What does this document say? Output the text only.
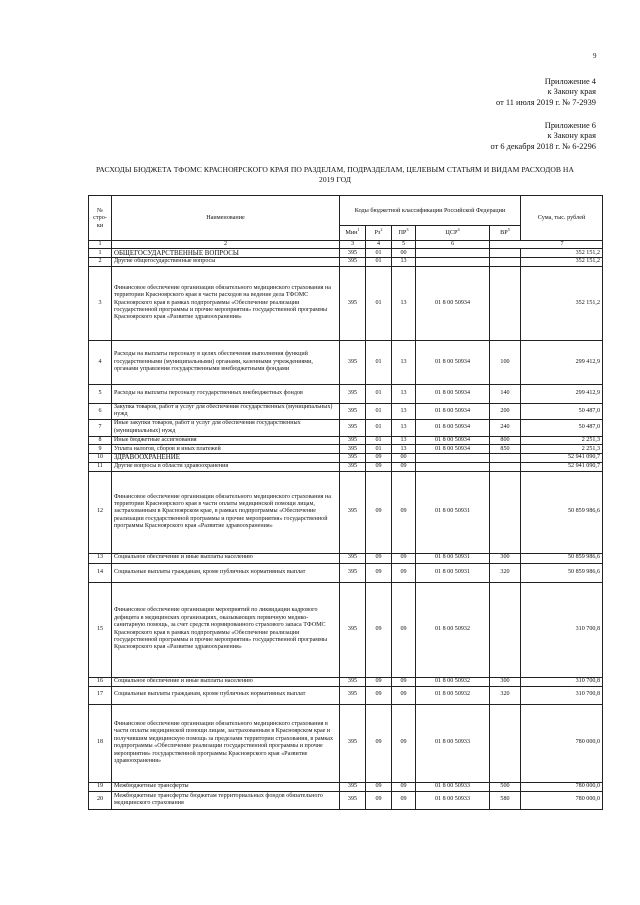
9
Приложение 4
к Закону края
от 11 июля 2019 г. № 7-2939
Приложение 6
к Закону края
от 6 декабря 2018 г. № 6-2296
РАСХОДЫ БЮДЖЕТА ТФОМС КРАСНОЯРСКОГО КРАЯ ПО РАЗДЕЛАМ, ПОДРАЗДЕЛАМ, ЦЕЛЕВЫМ СТАТЬЯМ И ВИДАМ РАСХОДОВ НА 2019 ГОД
№ стро-ки	Наименование	Коды бюджетной классификации Российской Федерации					Сума, тыс. рублей
		Мин$^1$	$Рз^2$	$ПР^3$	ЦСР$^4$	$ВР^5$
1	2	3	4	5	6	7	
1	ОБЩЕГОСУДАРСТВЕННЫЕ ВОПРОСЫ	395	01	00			352 151,2
2	Другие общегосударственные вопросы	395	01	13			352 151,2
3	Финансовое обеспечение организации обязательного медицинского страхования на территории Красноярского края в части расходов на ведение дела ТФОМС Красноярского края в рамках подпрограммы «Обеспечение реализации государственной программы и прочие мероприятия» государственной программы Красноярского края «Развитие здравоохранения»	395	01	13	01 8 00 50934		352 151,2
4	Расходы на выплаты персоналу в целях обеспечения выполнения функций государственными (муниципальными) органами, казенными учреждениями, органами управления государственными внебюджетными фондами	395	01	13	01 8 00 50934	100	299 412,9
5	Расходы на выплаты персоналу государственных внебюджетных фондов	395	01	13	01 8 00 50934	140	299 412,9
6	Закупка товаров, работ и услуг для обеспечения государственных (муниципальных) нужд	395	01	13	01 8 00 50934	200	50 487,0
7	Иные закупки товаров, работ и услуг для обеспечения государственных (муниципальных) нужд	395	01	13	01 8 00 50934	240	50 487,0
8	Иные бюджетные ассигнования	395	01	13	01 8 00 50934	800	2 251,3
9	Уплата налогов, сборов и иных платежей	395	01	13	01 8 00 50934	850	2 251,3
10	ЗДРАВООХРАНЕНИЕ	395	09	00			52 941 090,7
11	Другие вопросы в области здравоохранения	395	09	09			52 941 090,7
12	Финансовое обеспечение организации обязательного медицинского страхования на территории Красноярского края в части оплаты медицинской помощи лицам, застрахованным в Красноярском крае, в рамках подпрограммы «Обеспечение реализации государственной программы и прочие мероприятия» государственной программы Красноярского края «Развитие здравоохранения»	395	09	09	01 8 00 50931		50 859 986,6
13	Социальное обеспечение и иные выплаты населению	395	09	09	01 8 00 50931	300	50 859 986,6
14	Социальные выплаты гражданам, кроме публичных нормативных выплат	395	09	09	01 8 00 50931	320	50 859 986,6
15	Финансовое обеспечение организации мероприятий по ликвидации кадрового дефицита в медицинских организациях, оказывающих первичную медико-санитарную помощь, за счет средств нормированного страхового запаса ТФОМС Красноярского края в рамках подпрограммы «Обеспечение реализации государственной программы и прочие мероприятия» государственной программы Красноярского края «Развитие здравоохранения»	395	09	09	01 8 00 50932		310 700,8
16	Социальное обеспечение и иные выплаты населению	395	09	09	01 8 00 50932	300	310 700,8
17	Социальные выплаты гражданам, кроме публичных нормативных выплат	395	09	09	01 8 00 50932	320	310 700,8
18	Финансовое обеспечение организации обязательного медицинского страхования в части оплаты медицинской помощи лицам, застрахованным в Красноярском крае и получившим медицинскую помощь за пределами территории страхования, в рамках подпрограммы «Обеспечение реализации государственной программы и прочие мероприятия» государственной программы Красноярского края «Развитие здравоохранения»	395	09	09	01 8 00 50933		780 000,0
19	Межбюджетные трансферты	395	09	09	01 8 00 50933	500	780 000,0
20	Межбюджетные трансферты бюджетам территориальных фондов обязательного медицинского страхования	395	09	09	01 8 00 50933	580	780 000,0
